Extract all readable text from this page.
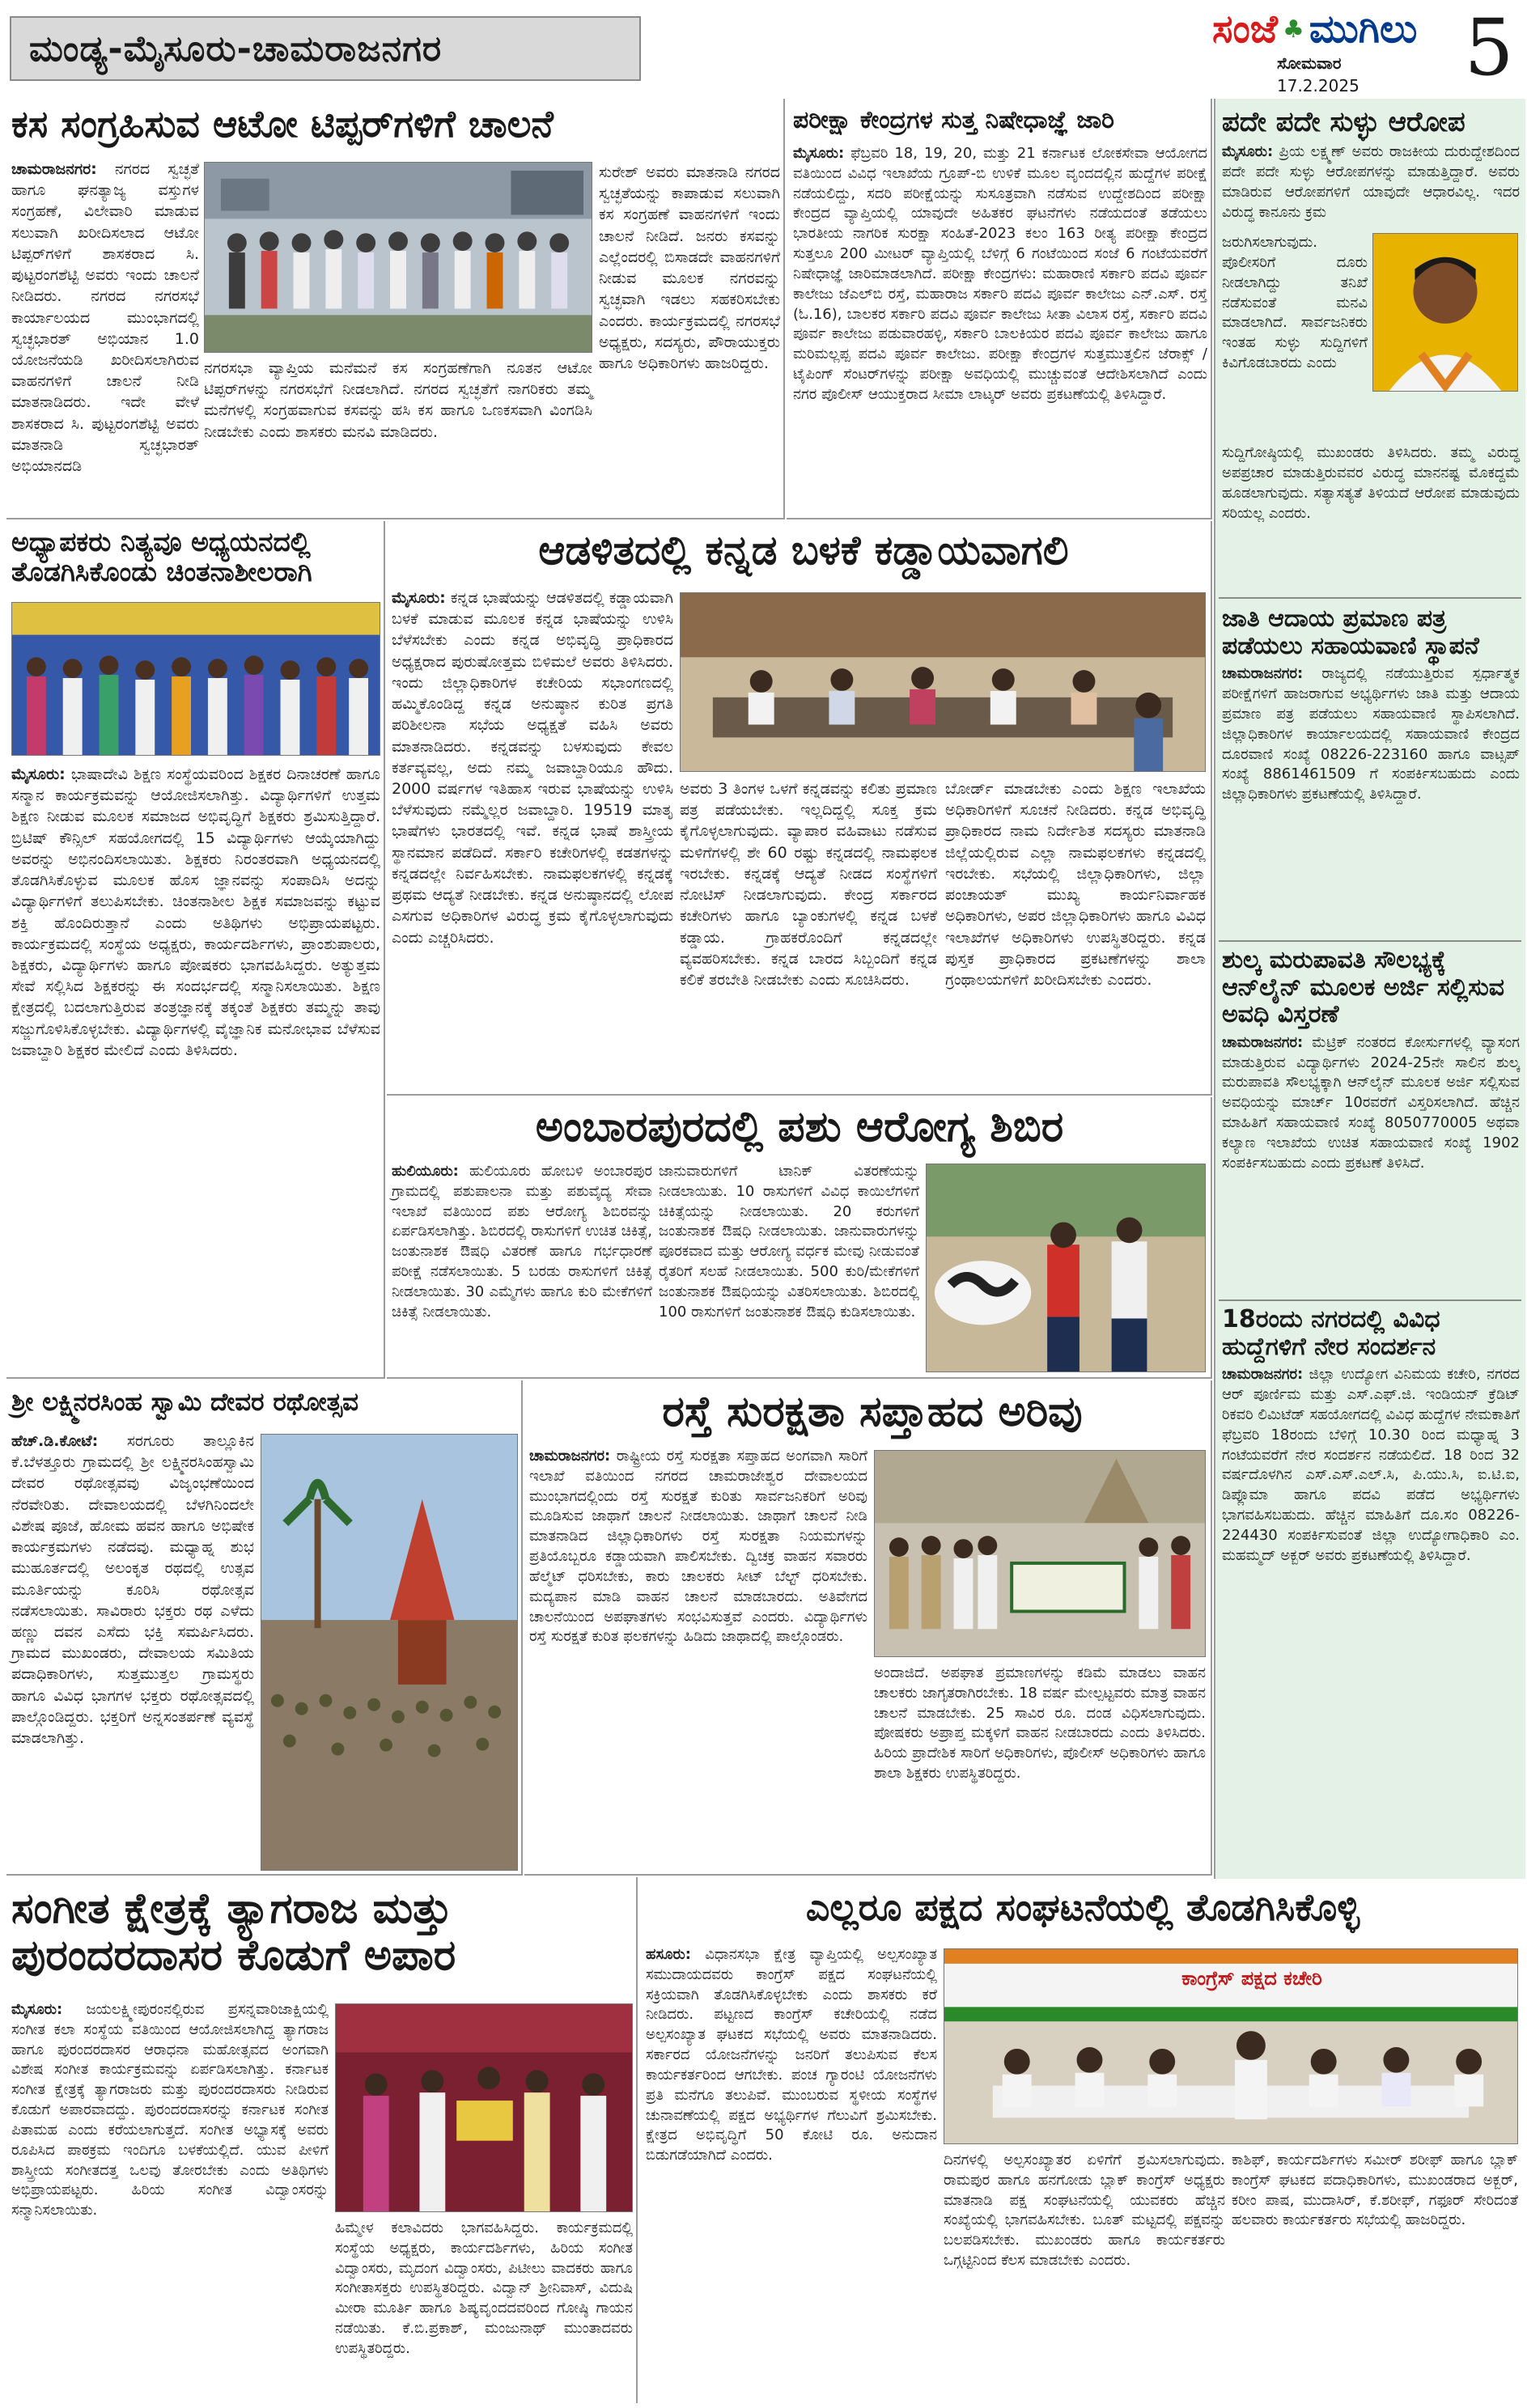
ಮಂಡ್ಯ-ಮೈಸೂರು-ಚಾಮರಾಜನಗರ	ಸಂಜೆ ♣ ಮುಗಿಲು
ಸೋಮವಾರ
17.2.2025 5
ಕಸ ಸಂಗ್ರಹಿಸುವ ಆಟೋ ಟಿಪ್ಪರ್‌ಗಳಿಗೆ ಚಾಲನೆ
ಚಾಮರಾಜನಗರ: ನಗರದ ಸ್ವಚ್ಛತೆ ಹಾಗೂ ಘನತ್ಯಾಜ್ಯ ವಸ್ತುಗಳ ಸಂಗ್ರಹಣೆ, ವಿಲೇವಾರಿ ಮಾಡುವ ಸಲುವಾಗಿ ಖರೀದಿಸಲಾದ ಆಟೋ ಟಿಪ್ಪರ್‌ಗಳಿಗೆ ಶಾಸಕರಾದ ಸಿ. ಪುಟ್ಟರಂಗಶೆಟ್ಟಿ ಅವರು ಇಂದು ಚಾಲನೆ ನೀಡಿದರು. ನಗರದ ನಗರಸಭೆ ಕಾರ್ಯಾಲಯದ ಮುಂಭಾಗದಲ್ಲಿ ಸ್ವಚ್ಛಭಾರತ್ ಅಭಿಯಾನ 1.0 ಯೋಜನೆಯಡಿ ಖರೀದಿಸಲಾಗಿರುವ ವಾಹನಗಳಿಗೆ ಚಾಲನೆ ನೀಡಿ ಮಾತನಾಡಿದರು. ಇದೇ ವೇಳೆ ಶಾಸಕರಾದ ಸಿ. ಪುಟ್ಟರಂಗಶೆಟ್ಟಿ ಅವರು ಮಾತನಾಡಿ ಸ್ವಚ್ಛಭಾರತ್ ಅಭಿಯಾನದಡಿ
ನಗರಸಭಾ ವ್ಯಾಪ್ತಿಯ ಮನೆಮನೆ ಕಸ ಸಂಗ್ರಹಣೆಗಾಗಿ ನೂತನ ಆಟೋ ಟಿಪ್ಪರ್‌ಗಳನ್ನು ನಗರಸಭೆಗೆ ನೀಡಲಾಗಿದೆ. ನಗರದ ಸ್ವಚ್ಛತೆಗೆ ನಾಗರಿಕರು ತಮ್ಮ ಮನೆಗಳಲ್ಲಿ ಸಂಗ್ರಹವಾಗುವ ಕಸವನ್ನು ಹಸಿ ಕಸ ಹಾಗೂ ಒಣಕಸವಾಗಿ ವಿಂಗಡಿಸಿ ನೀಡಬೇಕು ಎಂದು ಶಾಸಕರು ಮನವಿ ಮಾಡಿದರು.
ಸುರೇಶ್ ಅವರು ಮಾತನಾಡಿ ನಗರದ ಸ್ವಚ್ಛತೆಯನ್ನು ಕಾಪಾಡುವ ಸಲುವಾಗಿ ಕಸ ಸಂಗ್ರಹಣೆ ವಾಹನಗಳಿಗೆ ಇಂದು ಚಾಲನೆ ನೀಡಿದೆ. ಜನರು ಕಸವನ್ನು ಎಲ್ಲೆಂದರಲ್ಲಿ ಬಿಸಾಡದೇ ವಾಹನಗಳಿಗೆ ನೀಡುವ ಮೂಲಕ ನಗರವನ್ನು ಸ್ವಚ್ಛವಾಗಿ ಇಡಲು ಸಹಕರಿಸಬೇಕು ಎಂದರು. ಕಾರ್ಯಕ್ರಮದಲ್ಲಿ ನಗರಸಭೆ ಅಧ್ಯಕ್ಷರು, ಸದಸ್ಯರು, ಪೌರಾಯುಕ್ತರು ಹಾಗೂ ಅಧಿಕಾರಿಗಳು ಹಾಜರಿದ್ದರು.
ಪರೀಕ್ಷಾ ಕೇಂದ್ರಗಳ ಸುತ್ತ ನಿಷೇಧಾಜ್ಞೆ ಜಾರಿ
ಮೈಸೂರು: ಫೆಬ್ರವರಿ 18, 19, 20, ಮತ್ತು 21 ಕರ್ನಾಟಕ ಲೋಕಸೇವಾ ಆಯೋಗದ ವತಿಯಿಂದ ವಿವಿಧ ಇಲಾಖೆಯ ಗ್ರೂಪ್-ಬಿ ಉಳಿಕೆ ಮೂಲ ವೃಂದದಲ್ಲಿನ ಹುದ್ದೆಗಳ ಪರೀಕ್ಷೆ ನಡೆಯಲಿದ್ದು, ಸದರಿ ಪರೀಕ್ಷೆಯನ್ನು ಸುಸೂತ್ರವಾಗಿ ನಡೆಸುವ ಉದ್ದೇಶದಿಂದ ಪರೀಕ್ಷಾ ಕೇಂದ್ರದ ವ್ಯಾಪ್ತಿಯಲ್ಲಿ ಯಾವುದೇ ಅಹಿತಕರ ಘಟನೆಗಳು ನಡೆಯದಂತೆ ತಡೆಯಲು ಭಾರತೀಯ ನಾಗರಿಕ ಸುರಕ್ಷಾ ಸಂಹಿತೆ-2023 ಕಲಂ 163 ರೀತ್ಯ ಪರೀಕ್ಷಾ ಕೇಂದ್ರದ ಸುತ್ತಲೂ 200 ಮೀಟರ್ ವ್ಯಾಪ್ತಿಯಲ್ಲಿ ಬೆಳಿಗ್ಗೆ 6 ಗಂಟೆಯಿಂದ ಸಂಜೆ 6 ಗಂಟೆಯವರೆಗೆ ನಿಷೇಧಾಜ್ಞೆ ಜಾರಿಮಾಡಲಾಗಿದೆ. ಪರೀಕ್ಷಾ ಕೇಂದ್ರಗಳು: ಮಹಾರಾಣಿ ಸರ್ಕಾರಿ ಪದವಿ ಪೂರ್ವ ಕಾಲೇಜು ಜೆಎಲ್‌ಬಿ ರಸ್ತೆ, ಮಹಾರಾಜ ಸರ್ಕಾರಿ ಪದವಿ ಪೂರ್ವ ಕಾಲೇಜು ಎನ್.ಎಸ್. ರಸ್ತೆ (ಓ.16), ಬಾಲಕರ ಸರ್ಕಾರಿ ಪದವಿ ಪೂರ್ವ ಕಾಲೇಜು ಸೀತಾ ವಿಲಾಸ ರಸ್ತೆ, ಸರ್ಕಾರಿ ಪದವಿ ಪೂರ್ವ ಕಾಲೇಜು ಪಡುವಾರಹಳ್ಳಿ, ಸರ್ಕಾರಿ ಬಾಲಕಿಯರ ಪದವಿ ಪೂರ್ವ ಕಾಲೇಜು ಹಾಗೂ ಮರಿಮಲ್ಲಪ್ಪ ಪದವಿ ಪೂರ್ವ ಕಾಲೇಜು. ಪರೀಕ್ಷಾ ಕೇಂದ್ರಗಳ ಸುತ್ತಮುತ್ತಲಿನ ಜೆರಾಕ್ಸ್ / ಟೈಪಿಂಗ್ ಸೆಂಟರ್‌ಗಳನ್ನು ಪರೀಕ್ಷಾ ಅವಧಿಯಲ್ಲಿ ಮುಚ್ಚುವಂತೆ ಆದೇಶಿಸಲಾಗಿದೆ ಎಂದು ನಗರ ಪೊಲೀಸ್ ಆಯುಕ್ತರಾದ ಸೀಮಾ ಲಾಟ್ಕರ್ ಅವರು ಪ್ರಕಟಣೆಯಲ್ಲಿ ತಿಳಿಸಿದ್ದಾರೆ.
ಅಧ್ಯಾಪಕರು ನಿತ್ಯವೂ ಅಧ್ಯಯನದಲ್ಲಿ ತೊಡಗಿಸಿಕೊಂಡು ಚಿಂತನಾಶೀಲರಾಗಿ
ಮೈಸೂರು: ಭಾಷಾದೇವಿ ಶಿಕ್ಷಣ ಸಂಸ್ಥೆಯವರಿಂದ ಶಿಕ್ಷಕರ ದಿನಾಚರಣೆ ಹಾಗೂ ಸನ್ಮಾನ ಕಾರ್ಯಕ್ರಮವನ್ನು ಆಯೋಜಿಸಲಾಗಿತ್ತು. ವಿದ್ಯಾರ್ಥಿಗಳಿಗೆ ಉತ್ತಮ ಶಿಕ್ಷಣ ನೀಡುವ ಮೂಲಕ ಸಮಾಜದ ಅಭಿವೃದ್ಧಿಗೆ ಶಿಕ್ಷಕರು ಶ್ರಮಿಸುತ್ತಿದ್ದಾರೆ. ಬ್ರಿಟಿಷ್ ಕೌನ್ಸಿಲ್ ಸಹಯೋಗದಲ್ಲಿ 15 ವಿದ್ಯಾರ್ಥಿಗಳು ಆಯ್ಕೆಯಾಗಿದ್ದು ಅವರನ್ನು ಅಭಿನಂದಿಸಲಾಯಿತು. ಶಿಕ್ಷಕರು ನಿರಂತರವಾಗಿ ಅಧ್ಯಯನದಲ್ಲಿ ತೊಡಗಿಸಿಕೊಳ್ಳುವ ಮೂಲಕ ಹೊಸ ಜ್ಞಾನವನ್ನು ಸಂಪಾದಿಸಿ ಅದನ್ನು ವಿದ್ಯಾರ್ಥಿಗಳಿಗೆ ತಲುಪಿಸಬೇಕು. ಚಿಂತನಾಶೀಲ ಶಿಕ್ಷಕ ಸಮಾಜವನ್ನು ಕಟ್ಟುವ ಶಕ್ತಿ ಹೊಂದಿರುತ್ತಾನೆ ಎಂದು ಅತಿಥಿಗಳು ಅಭಿಪ್ರಾಯಪಟ್ಟರು. ಕಾರ್ಯಕ್ರಮದಲ್ಲಿ ಸಂಸ್ಥೆಯ ಅಧ್ಯಕ್ಷರು, ಕಾರ್ಯದರ್ಶಿಗಳು, ಪ್ರಾಂಶುಪಾಲರು, ಶಿಕ್ಷಕರು, ವಿದ್ಯಾರ್ಥಿಗಳು ಹಾಗೂ ಪೋಷಕರು ಭಾಗವಹಿಸಿದ್ದರು. ಅತ್ಯುತ್ತಮ ಸೇವೆ ಸಲ್ಲಿಸಿದ ಶಿಕ್ಷಕರನ್ನು ಈ ಸಂದರ್ಭದಲ್ಲಿ ಸನ್ಮಾನಿಸಲಾಯಿತು. ಶಿಕ್ಷಣ ಕ್ಷೇತ್ರದಲ್ಲಿ ಬದಲಾಗುತ್ತಿರುವ ತಂತ್ರಜ್ಞಾನಕ್ಕೆ ತಕ್ಕಂತೆ ಶಿಕ್ಷಕರು ತಮ್ಮನ್ನು ತಾವು ಸಜ್ಜುಗೊಳಿಸಿಕೊಳ್ಳಬೇಕು. ವಿದ್ಯಾರ್ಥಿಗಳಲ್ಲಿ ವೈಜ್ಞಾನಿಕ ಮನೋಭಾವ ಬೆಳೆಸುವ ಜವಾಬ್ದಾರಿ ಶಿಕ್ಷಕರ ಮೇಲಿದೆ ಎಂದು ತಿಳಿಸಿದರು.
ಆಡಳಿತದಲ್ಲಿ ಕನ್ನಡ ಬಳಕೆ ಕಡ್ಡಾಯವಾಗಲಿ
ಮೈಸೂರು: ಕನ್ನಡ ಭಾಷೆಯನ್ನು ಆಡಳಿತದಲ್ಲಿ ಕಡ್ಡಾಯವಾಗಿ ಬಳಕೆ ಮಾಡುವ ಮೂಲಕ ಕನ್ನಡ ಭಾಷೆಯನ್ನು ಉಳಿಸಿ ಬೆಳೆಸಬೇಕು ಎಂದು ಕನ್ನಡ ಅಭಿವೃದ್ಧಿ ಪ್ರಾಧಿಕಾರದ ಅಧ್ಯಕ್ಷರಾದ ಪುರುಷೋತ್ತಮ ಬಿಳಿಮಲೆ ಅವರು ತಿಳಿಸಿದರು. ಇಂದು ಜಿಲ್ಲಾಧಿಕಾರಿಗಳ ಕಚೇರಿಯ ಸಭಾಂಗಣದಲ್ಲಿ ಹಮ್ಮಿಕೊಂಡಿದ್ದ ಕನ್ನಡ ಅನುಷ್ಠಾನ ಕುರಿತ ಪ್ರಗತಿ ಪರಿಶೀಲನಾ ಸಭೆಯ ಅಧ್ಯಕ್ಷತೆ ವಹಿಸಿ ಅವರು ಮಾತನಾಡಿದರು. ಕನ್ನಡವನ್ನು ಬಳಸುವುದು ಕೇವಲ ಕರ್ತವ್ಯವಲ್ಲ, ಅದು ನಮ್ಮ ಜವಾಬ್ದಾರಿಯೂ ಹೌದು. 2000 ವರ್ಷಗಳ ಇತಿಹಾಸ ಇರುವ ಭಾಷೆಯನ್ನು ಉಳಿಸಿ ಬೆಳೆಸುವುದು ನಮ್ಮೆಲ್ಲರ ಜವಾಬ್ದಾರಿ. 19519 ಮಾತೃ ಭಾಷೆಗಳು ಭಾರತದಲ್ಲಿ ಇವೆ. ಕನ್ನಡ ಭಾಷೆ ಶಾಸ್ತ್ರೀಯ ಸ್ಥಾನಮಾನ ಪಡೆದಿದೆ. ಸರ್ಕಾರಿ ಕಚೇರಿಗಳಲ್ಲಿ ಕಡತಗಳನ್ನು ಕನ್ನಡದಲ್ಲೇ ನಿರ್ವಹಿಸಬೇಕು. ನಾಮಫಲಕಗಳಲ್ಲಿ ಕನ್ನಡಕ್ಕೆ ಪ್ರಥಮ ಆದ್ಯತೆ ನೀಡಬೇಕು. ಕನ್ನಡ ಅನುಷ್ಠಾನದಲ್ಲಿ ಲೋಪ ಎಸಗುವ ಅಧಿಕಾರಿಗಳ ವಿರುದ್ಧ ಕ್ರಮ ಕೈಗೊಳ್ಳಲಾಗುವುದು ಎಂದು ಎಚ್ಚರಿಸಿದರು.
ಅವರು 3 ತಿಂಗಳ ಒಳಗೆ ಕನ್ನಡವನ್ನು ಕಲಿತು ಪ್ರಮಾಣ ಪತ್ರ ಪಡೆಯಬೇಕು. ಇಲ್ಲದಿದ್ದಲ್ಲಿ ಸೂಕ್ತ ಕ್ರಮ ಕೈಗೊಳ್ಳಲಾಗುವುದು. ವ್ಯಾಪಾರ ವಹಿವಾಟು ನಡೆಸುವ ಮಳಿಗೆಗಳಲ್ಲಿ ಶೇ 60 ರಷ್ಟು ಕನ್ನಡದಲ್ಲಿ ನಾಮಫಲಕ ಇರಬೇಕು. ಕನ್ನಡಕ್ಕೆ ಆದ್ಯತೆ ನೀಡದ ಸಂಸ್ಥೆಗಳಿಗೆ ನೋಟಿಸ್ ನೀಡಲಾಗುವುದು. ಕೇಂದ್ರ ಸರ್ಕಾರದ ಕಚೇರಿಗಳು ಹಾಗೂ ಬ್ಯಾಂಕುಗಳಲ್ಲಿ ಕನ್ನಡ ಬಳಕೆ ಕಡ್ಡಾಯ. ಗ್ರಾಹಕರೊಂದಿಗೆ ಕನ್ನಡದಲ್ಲೇ ವ್ಯವಹರಿಸಬೇಕು. ಕನ್ನಡ ಬಾರದ ಸಿಬ್ಬಂದಿಗೆ ಕನ್ನಡ ಕಲಿಕೆ ತರಬೇತಿ ನೀಡಬೇಕು ಎಂದು ಸೂಚಿಸಿದರು.
ಬೋರ್ಡ್ ಮಾಡಬೇಕು ಎಂದು ಶಿಕ್ಷಣ ಇಲಾಖೆಯ ಅಧಿಕಾರಿಗಳಿಗೆ ಸೂಚನೆ ನೀಡಿದರು. ಕನ್ನಡ ಅಭಿವೃದ್ಧಿ ಪ್ರಾಧಿಕಾರದ ನಾಮ ನಿರ್ದೇಶಿತ ಸದಸ್ಯರು ಮಾತನಾಡಿ ಜಿಲ್ಲೆಯಲ್ಲಿರುವ ಎಲ್ಲಾ ನಾಮಫಲಕಗಳು ಕನ್ನಡದಲ್ಲಿ ಇರಬೇಕು. ಸಭೆಯಲ್ಲಿ ಜಿಲ್ಲಾಧಿಕಾರಿಗಳು, ಜಿಲ್ಲಾ ಪಂಚಾಯತ್ ಮುಖ್ಯ ಕಾರ್ಯನಿರ್ವಾಹಕ ಅಧಿಕಾರಿಗಳು, ಅಪರ ಜಿಲ್ಲಾಧಿಕಾರಿಗಳು ಹಾಗೂ ವಿವಿಧ ಇಲಾಖೆಗಳ ಅಧಿಕಾರಿಗಳು ಉಪಸ್ಥಿತರಿದ್ದರು. ಕನ್ನಡ ಪುಸ್ತಕ ಪ್ರಾಧಿಕಾರದ ಪ್ರಕಟಣೆಗಳನ್ನು ಶಾಲಾ ಗ್ರಂಥಾಲಯಗಳಿಗೆ ಖರೀದಿಸಬೇಕು ಎಂದರು.
ಅಂಬಾರಪುರದಲ್ಲಿ ಪಶು ಆರೋಗ್ಯ ಶಿಬಿರ
ಹುಲಿಯೂರು: ಹುಲಿಯೂರು ಹೋಬಳಿ ಅಂಬಾರಪುರ ಗ್ರಾಮದಲ್ಲಿ ಪಶುಪಾಲನಾ ಮತ್ತು ಪಶುವೈದ್ಯ ಸೇವಾ ಇಲಾಖೆ ವತಿಯಿಂದ ಪಶು ಆರೋಗ್ಯ ಶಿಬಿರವನ್ನು ಏರ್ಪಡಿಸಲಾಗಿತ್ತು. ಶಿಬಿರದಲ್ಲಿ ರಾಸುಗಳಿಗೆ ಉಚಿತ ಚಿಕಿತ್ಸೆ, ಜಂತುನಾಶಕ ಔಷಧಿ ವಿತರಣೆ ಹಾಗೂ ಗರ್ಭಧಾರಣೆ ಪರೀಕ್ಷೆ ನಡೆಸಲಾಯಿತು. 5 ಬರಡು ರಾಸುಗಳಿಗೆ ಚಿಕಿತ್ಸೆ ನೀಡಲಾಯಿತು. 30 ಎಮ್ಮೆಗಳು ಹಾಗೂ ಕುರಿ ಮೇಕೆಗಳಿಗೆ ಚಿಕಿತ್ಸೆ ನೀಡಲಾಯಿತು.
ಜಾನುವಾರುಗಳಿಗೆ ಟಾನಿಕ್ ವಿತರಣೆಯನ್ನು ನೀಡಲಾಯಿತು. 10 ರಾಸುಗಳಿಗೆ ವಿವಿಧ ಕಾಯಿಲೆಗಳಿಗೆ ಚಿಕಿತ್ಸೆಯನ್ನು ನೀಡಲಾಯಿತು. 20 ಕರುಗಳಿಗೆ ಜಂತುನಾಶಕ ಔಷಧಿ ನೀಡಲಾಯಿತು. ಜಾನುವಾರುಗಳನ್ನು ಪೂರಕವಾದ ಮತ್ತು ಆರೋಗ್ಯ ವರ್ಧಕ ಮೇವು ನೀಡುವಂತೆ ರೈತರಿಗೆ ಸಲಹೆ ನೀಡಲಾಯಿತು. 500 ಕುರಿ/ಮೇಕೆಗಳಿಗೆ ಜಂತುನಾಶಕ ಔಷಧಿಯನ್ನು ವಿತರಿಸಲಾಯಿತು. ಶಿಬಿರದಲ್ಲಿ 100 ರಾಸುಗಳಿಗೆ ಜಂತುನಾಶಕ ಔಷಧಿ ಕುಡಿಸಲಾಯಿತು.
ಶ್ರೀ ಲಕ್ಷ್ಮಿನರಸಿಂಹ ಸ್ವಾಮಿ ದೇವರ ರಥೋತ್ಸವ
ಹೆಚ್.ಡಿ.ಕೋಟೆ: ಸರಗೂರು ತಾಲ್ಲೂಕಿನ ಕೆ.ಬೆಳತ್ತೂರು ಗ್ರಾಮದಲ್ಲಿ ಶ್ರೀ ಲಕ್ಷ್ಮಿನರಸಿಂಹಸ್ವಾಮಿ ದೇವರ ರಥೋತ್ಸವವು ವಿಜೃಂಭಣೆಯಿಂದ ನೆರವೇರಿತು. ದೇವಾಲಯದಲ್ಲಿ ಬೆಳಗಿನಿಂದಲೇ ವಿಶೇಷ ಪೂಜೆ, ಹೋಮ ಹವನ ಹಾಗೂ ಅಭಿಷೇಕ ಕಾರ್ಯಕ್ರಮಗಳು ನಡೆದವು. ಮಧ್ಯಾಹ್ನ ಶುಭ ಮುಹೂರ್ತದಲ್ಲಿ ಅಲಂಕೃತ ರಥದಲ್ಲಿ ಉತ್ಸವ ಮೂರ್ತಿಯನ್ನು ಕೂರಿಸಿ ರಥೋತ್ಸವ ನಡೆಸಲಾಯಿತು. ಸಾವಿರಾರು ಭಕ್ತರು ರಥ ಎಳೆದು ಹಣ್ಣು ದವನ ಎಸೆದು ಭಕ್ತಿ ಸಮರ್ಪಿಸಿದರು. ಗ್ರಾಮದ ಮುಖಂಡರು, ದೇವಾಲಯ ಸಮಿತಿಯ ಪದಾಧಿಕಾರಿಗಳು, ಸುತ್ತಮುತ್ತಲ ಗ್ರಾಮಸ್ಥರು ಹಾಗೂ ವಿವಿಧ ಭಾಗಗಳ ಭಕ್ತರು ರಥೋತ್ಸವದಲ್ಲಿ ಪಾಲ್ಗೊಂಡಿದ್ದರು. ಭಕ್ತರಿಗೆ ಅನ್ನಸಂತರ್ಪಣೆ ವ್ಯವಸ್ಥೆ ಮಾಡಲಾಗಿತ್ತು.
ರಸ್ತೆ ಸುರಕ್ಷತಾ ಸಪ್ತಾಹದ ಅರಿವು
ಚಾಮರಾಜನಗರ: ರಾಷ್ಟ್ರೀಯ ರಸ್ತೆ ಸುರಕ್ಷತಾ ಸಪ್ತಾಹದ ಅಂಗವಾಗಿ ಸಾರಿಗೆ ಇಲಾಖೆ ವತಿಯಿಂದ ನಗರದ ಚಾಮರಾಜೇಶ್ವರ ದೇವಾಲಯದ ಮುಂಭಾಗದಲ್ಲಿಂದು ರಸ್ತೆ ಸುರಕ್ಷತೆ ಕುರಿತು ಸಾರ್ವಜನಿಕರಿಗೆ ಅರಿವು ಮೂಡಿಸುವ ಜಾಥಾಗೆ ಚಾಲನೆ ನೀಡಲಾಯಿತು. ಜಾಥಾಗೆ ಚಾಲನೆ ನೀಡಿ ಮಾತನಾಡಿದ ಜಿಲ್ಲಾಧಿಕಾರಿಗಳು ರಸ್ತೆ ಸುರಕ್ಷತಾ ನಿಯಮಗಳನ್ನು ಪ್ರತಿಯೊಬ್ಬರೂ ಕಡ್ಡಾಯವಾಗಿ ಪಾಲಿಸಬೇಕು. ದ್ವಿಚಕ್ರ ವಾಹನ ಸವಾರರು ಹೆಲ್ಮೆಟ್ ಧರಿಸಬೇಕು, ಕಾರು ಚಾಲಕರು ಸೀಟ್ ಬೆಲ್ಟ್ ಧರಿಸಬೇಕು. ಮದ್ಯಪಾನ ಮಾಡಿ ವಾಹನ ಚಾಲನೆ ಮಾಡಬಾರದು. ಅತಿವೇಗದ ಚಾಲನೆಯಿಂದ ಅಪಘಾತಗಳು ಸಂಭವಿಸುತ್ತವೆ ಎಂದರು. ವಿದ್ಯಾರ್ಥಿಗಳು ರಸ್ತೆ ಸುರಕ್ಷತೆ ಕುರಿತ ಫಲಕಗಳನ್ನು ಹಿಡಿದು ಜಾಥಾದಲ್ಲಿ ಪಾಲ್ಗೊಂಡರು.
ಅಂದಾಜಿದೆ. ಅಪಘಾತ ಪ್ರಮಾಣಗಳನ್ನು ಕಡಿಮೆ ಮಾಡಲು ವಾಹನ ಚಾಲಕರು ಜಾಗೃತರಾಗಿರಬೇಕು. 18 ವರ್ಷ ಮೇಲ್ಪಟ್ಟವರು ಮಾತ್ರ ವಾಹನ ಚಾಲನೆ ಮಾಡಬೇಕು. 25 ಸಾವಿರ ರೂ. ದಂಡ ವಿಧಿಸಲಾಗುವುದು. ಪೋಷಕರು ಅಪ್ರಾಪ್ತ ಮಕ್ಕಳಿಗೆ ವಾಹನ ನೀಡಬಾರದು ಎಂದು ತಿಳಿಸಿದರು. ಹಿರಿಯ ಪ್ರಾದೇಶಿಕ ಸಾರಿಗೆ ಅಧಿಕಾರಿಗಳು, ಪೊಲೀಸ್ ಅಧಿಕಾರಿಗಳು ಹಾಗೂ ಶಾಲಾ ಶಿಕ್ಷಕರು ಉಪಸ್ಥಿತರಿದ್ದರು.
ಸಂಗೀತ ಕ್ಷೇತ್ರಕ್ಕೆ ತ್ಯಾಗರಾಜ ಮತ್ತು ಪುರಂದರದಾಸರ ಕೊಡುಗೆ ಅಪಾರ
ಮೈಸೂರು: ಜಯಲಕ್ಷ್ಮೀಪುರಂನಲ್ಲಿರುವ ಪ್ರಸನ್ನವಾರಿಜಾಕ್ಷಿಯಲ್ಲಿ ಸಂಗೀತ ಕಲಾ ಸಂಸ್ಥೆಯ ವತಿಯಿಂದ ಆಯೋಜಿಸಲಾಗಿದ್ದ ತ್ಯಾಗರಾಜ ಹಾಗೂ ಪುರಂದರದಾಸರ ಆರಾಧನಾ ಮಹೋತ್ಸವದ ಅಂಗವಾಗಿ ವಿಶೇಷ ಸಂಗೀತ ಕಾರ್ಯಕ್ರಮವನ್ನು ಏರ್ಪಡಿಸಲಾಗಿತ್ತು. ಕರ್ನಾಟಕ ಸಂಗೀತ ಕ್ಷೇತ್ರಕ್ಕೆ ತ್ಯಾಗರಾಜರು ಮತ್ತು ಪುರಂದರದಾಸರು ನೀಡಿರುವ ಕೊಡುಗೆ ಅಪಾರವಾದದ್ದು. ಪುರಂದರದಾಸರನ್ನು ಕರ್ನಾಟಕ ಸಂಗೀತ ಪಿತಾಮಹ ಎಂದು ಕರೆಯಲಾಗುತ್ತದೆ. ಸಂಗೀತ ಅಭ್ಯಾಸಕ್ಕೆ ಅವರು ರೂಪಿಸಿದ ಪಾಠಕ್ರಮ ಇಂದಿಗೂ ಬಳಕೆಯಲ್ಲಿದೆ. ಯುವ ಪೀಳಿಗೆ ಶಾಸ್ತ್ರೀಯ ಸಂಗೀತದತ್ತ ಒಲವು ತೋರಬೇಕು ಎಂದು ಅತಿಥಿಗಳು ಅಭಿಪ್ರಾಯಪಟ್ಟರು. ಹಿರಿಯ ಸಂಗೀತ ವಿದ್ವಾಂಸರನ್ನು ಸನ್ಮಾನಿಸಲಾಯಿತು.
ಹಿಮ್ಮೇಳ ಕಲಾವಿದರು ಭಾಗವಹಿಸಿದ್ದರು. ಕಾರ್ಯಕ್ರಮದಲ್ಲಿ ಸಂಸ್ಥೆಯ ಅಧ್ಯಕ್ಷರು, ಕಾರ್ಯದರ್ಶಿಗಳು, ಹಿರಿಯ ಸಂಗೀತ ವಿದ್ವಾಂಸರು, ಮೃದಂಗ ವಿದ್ವಾಂಸರು, ಪಿಟೀಲು ವಾದಕರು ಹಾಗೂ ಸಂಗೀತಾಸಕ್ತರು ಉಪಸ್ಥಿತರಿದ್ದರು. ವಿದ್ವಾನ್ ಶ್ರೀನಿವಾಸ್, ವಿದುಷಿ ಮೀರಾ ಮೂರ್ತಿ ಹಾಗೂ ಶಿಷ್ಯವೃಂದದವರಿಂದ ಗೋಷ್ಠಿ ಗಾಯನ ನಡೆಯಿತು. ಕೆ.ಬಿ.ಪ್ರಕಾಶ್, ಮಂಜುನಾಥ್ ಮುಂತಾದವರು ಉಪಸ್ಥಿತರಿದ್ದರು.
ಎಲ್ಲರೂ ಪಕ್ಷದ ಸಂಘಟನೆಯಲ್ಲಿ ತೊಡಗಿಸಿಕೊಳ್ಳಿ
ಹಸೂರು: ವಿಧಾನಸಭಾ ಕ್ಷೇತ್ರ ವ್ಯಾಪ್ತಿಯಲ್ಲಿ ಅಲ್ಪಸಂಖ್ಯಾತ ಸಮುದಾಯದವರು ಕಾಂಗ್ರೆಸ್ ಪಕ್ಷದ ಸಂಘಟನೆಯಲ್ಲಿ ಸಕ್ರಿಯವಾಗಿ ತೊಡಗಿಸಿಕೊಳ್ಳಬೇಕು ಎಂದು ಶಾಸಕರು ಕರೆ ನೀಡಿದರು. ಪಟ್ಟಣದ ಕಾಂಗ್ರೆಸ್ ಕಚೇರಿಯಲ್ಲಿ ನಡೆದ ಅಲ್ಪಸಂಖ್ಯಾತ ಘಟಕದ ಸಭೆಯಲ್ಲಿ ಅವರು ಮಾತನಾಡಿದರು. ಸರ್ಕಾರದ ಯೋಜನೆಗಳನ್ನು ಜನರಿಗೆ ತಲುಪಿಸುವ ಕೆಲಸ ಕಾರ್ಯಕರ್ತರಿಂದ ಆಗಬೇಕು. ಪಂಚ ಗ್ಯಾರಂಟಿ ಯೋಜನೆಗಳು ಪ್ರತಿ ಮನೆಗೂ ತಲುಪಿವೆ. ಮುಂಬರುವ ಸ್ಥಳೀಯ ಸಂಸ್ಥೆಗಳ ಚುನಾವಣೆಯಲ್ಲಿ ಪಕ್ಷದ ಅಭ್ಯರ್ಥಿಗಳ ಗೆಲುವಿಗೆ ಶ್ರಮಿಸಬೇಕು. ಕ್ಷೇತ್ರದ ಅಭಿವೃದ್ಧಿಗೆ 50 ಕೋಟಿ ರೂ. ಅನುದಾನ ಬಿಡುಗಡೆಯಾಗಿದೆ ಎಂದರು.
ಕಾಂಗ್ರೆಸ್ ಪಕ್ಷದ ಕಚೇರಿ
ದಿನಗಳಲ್ಲಿ ಅಲ್ಪಸಂಖ್ಯಾತರ ಏಳಿಗೆಗೆ ಶ್ರಮಿಸಲಾಗುವುದು. ರಾಮಪುರ ಹಾಗೂ ಹನಗೋಡು ಬ್ಲಾಕ್ ಕಾಂಗ್ರೆಸ್ ಅಧ್ಯಕ್ಷರು ಮಾತನಾಡಿ ಪಕ್ಷ ಸಂಘಟನೆಯಲ್ಲಿ ಯುವಕರು ಹೆಚ್ಚಿನ ಸಂಖ್ಯೆಯಲ್ಲಿ ಭಾಗವಹಿಸಬೇಕು. ಬೂತ್ ಮಟ್ಟದಲ್ಲಿ ಪಕ್ಷವನ್ನು ಬಲಪಡಿಸಬೇಕು. ಮುಖಂಡರು ಹಾಗೂ ಕಾರ್ಯಕರ್ತರು ಒಗ್ಗಟ್ಟಿನಿಂದ ಕೆಲಸ ಮಾಡಬೇಕು ಎಂದರು.
ಕಾಶಿಫ್, ಕಾರ್ಯದರ್ಶಿಗಳು ಸಮೀರ್ ಶರೀಫ್ ಹಾಗೂ ಬ್ಲಾಕ್ ಕಾಂಗ್ರೆಸ್ ಘಟಕದ ಪದಾಧಿಕಾರಿಗಳು, ಮುಖಂಡರಾದ ಅಕ್ಬರ್, ಕರೀಂ ಪಾಷ, ಮುದಾಸಿರ್, ಕೆ.ಶರೀಫ್, ಗಫೂರ್ ಸೇರಿದಂತೆ ಹಲವಾರು ಕಾರ್ಯಕರ್ತರು ಸಭೆಯಲ್ಲಿ ಹಾಜರಿದ್ದರು.
ಪದೇ ಪದೇ ಸುಳ್ಳು ಆರೋಪ
ಮೈಸೂರು: ಪ್ರಿಯ ಲಕ್ಷ್ಮಣ್ ಅವರು ರಾಜಕೀಯ ದುರುದ್ದೇಶದಿಂದ ಪದೇ ಪದೇ ಸುಳ್ಳು ಆರೋಪಗಳನ್ನು ಮಾಡುತ್ತಿದ್ದಾರೆ. ಅವರು ಮಾಡಿರುವ ಆರೋಪಗಳಿಗೆ ಯಾವುದೇ ಆಧಾರವಿಲ್ಲ. ಇದರ ವಿರುದ್ಧ ಕಾನೂನು ಕ್ರಮ
ಜರುಗಿಸಲಾಗುವುದು. ಪೊಲೀಸರಿಗೆ ದೂರು ನೀಡಲಾಗಿದ್ದು ತನಿಖೆ ನಡೆಸುವಂತೆ ಮನವಿ ಮಾಡಲಾಗಿದೆ. ಸಾರ್ವಜನಿಕರು ಇಂತಹ ಸುಳ್ಳು ಸುದ್ದಿಗಳಿಗೆ ಕಿವಿಗೊಡಬಾರದು ಎಂದು
ಸುದ್ದಿಗೋಷ್ಠಿಯಲ್ಲಿ ಮುಖಂಡರು ತಿಳಿಸಿದರು. ತಮ್ಮ ವಿರುದ್ಧ ಅಪಪ್ರಚಾರ ಮಾಡುತ್ತಿರುವವರ ವಿರುದ್ಧ ಮಾನನಷ್ಟ ಮೊಕದ್ದಮೆ ಹೂಡಲಾಗುವುದು. ಸತ್ಯಾಸತ್ಯತೆ ತಿಳಿಯದೆ ಆರೋಪ ಮಾಡುವುದು ಸರಿಯಲ್ಲ ಎಂದರು.
ಜಾತಿ ಆದಾಯ ಪ್ರಮಾಣ ಪತ್ರ ಪಡೆಯಲು ಸಹಾಯವಾಣಿ ಸ್ಥಾಪನೆ
ಚಾಮರಾಜನಗರ: ರಾಜ್ಯದಲ್ಲಿ ನಡೆಯುತ್ತಿರುವ ಸ್ಪರ್ಧಾತ್ಮಕ ಪರೀಕ್ಷೆಗಳಿಗೆ ಹಾಜರಾಗುವ ಅಭ್ಯರ್ಥಿಗಳು ಜಾತಿ ಮತ್ತು ಆದಾಯ ಪ್ರಮಾಣ ಪತ್ರ ಪಡೆಯಲು ಸಹಾಯವಾಣಿ ಸ್ಥಾಪಿಸಲಾಗಿದೆ. ಜಿಲ್ಲಾಧಿಕಾರಿಗಳ ಕಾರ್ಯಾಲಯದಲ್ಲಿ ಸಹಾಯವಾಣಿ ಕೇಂದ್ರದ ದೂರವಾಣಿ ಸಂಖ್ಯೆ 08226-223160 ಹಾಗೂ ವಾಟ್ಸಪ್ ಸಂಖ್ಯೆ 8861461509 ಗೆ ಸಂಪರ್ಕಿಸಬಹುದು ಎಂದು ಜಿಲ್ಲಾಧಿಕಾರಿಗಳು ಪ್ರಕಟಣೆಯಲ್ಲಿ ತಿಳಿಸಿದ್ದಾರೆ.
ಶುಲ್ಕ ಮರುಪಾವತಿ ಸೌಲಭ್ಯಕ್ಕೆ ಆನ್‌ಲೈನ್ ಮೂಲಕ ಅರ್ಜಿ ಸಲ್ಲಿಸುವ ಅವಧಿ ವಿಸ್ತರಣೆ
ಚಾಮರಾಜನಗರ: ಮೆಟ್ರಿಕ್ ನಂತರದ ಕೋರ್ಸುಗಳಲ್ಲಿ ವ್ಯಾಸಂಗ ಮಾಡುತ್ತಿರುವ ವಿದ್ಯಾರ್ಥಿಗಳು 2024-25ನೇ ಸಾಲಿನ ಶುಲ್ಕ ಮರುಪಾವತಿ ಸೌಲಭ್ಯಕ್ಕಾಗಿ ಆನ್‌ಲೈನ್ ಮೂಲಕ ಅರ್ಜಿ ಸಲ್ಲಿಸುವ ಅವಧಿಯನ್ನು ಮಾರ್ಚ್ 10ರವರೆಗೆ ವಿಸ್ತರಿಸಲಾಗಿದೆ. ಹೆಚ್ಚಿನ ಮಾಹಿತಿಗೆ ಸಹಾಯವಾಣಿ ಸಂಖ್ಯೆ 8050770005 ಅಥವಾ ಕಲ್ಯಾಣ ಇಲಾಖೆಯ ಉಚಿತ ಸಹಾಯವಾಣಿ ಸಂಖ್ಯೆ 1902 ಸಂಪರ್ಕಿಸಬಹುದು ಎಂದು ಪ್ರಕಟಣೆ ತಿಳಿಸಿದೆ.
18ರಂದು ನಗರದಲ್ಲಿ ವಿವಿಧ ಹುದ್ದೆಗಳಿಗೆ ನೇರ ಸಂದರ್ಶನ
ಚಾಮರಾಜನಗರ: ಜಿಲ್ಲಾ ಉದ್ಯೋಗ ವಿನಿಮಯ ಕಚೇರಿ, ನಗರದ ಆರ್ ಪೂರ್ಣಿಮ ಮತ್ತು ಎಸ್.ಎಫ್.ಜಿ. ಇಂಡಿಯನ್ ಕ್ರೆಡಿಟ್ ರಿಕವರಿ ಲಿಮಿಟೆಡ್ ಸಹಯೋಗದಲ್ಲಿ ವಿವಿಧ ಹುದ್ದೆಗಳ ನೇಮಕಾತಿಗೆ ಫೆಬ್ರವರಿ 18ರಂದು ಬೆಳಿಗ್ಗೆ 10.30 ರಿಂದ ಮಧ್ಯಾಹ್ನ 3 ಗಂಟೆಯವರೆಗೆ ನೇರ ಸಂದರ್ಶನ ನಡೆಯಲಿದೆ. 18 ರಿಂದ 32 ವರ್ಷದೊಳಗಿನ ಎಸ್.ಎಸ್.ಎಲ್.ಸಿ, ಪಿ.ಯು.ಸಿ, ಐ.ಟಿ.ಐ, ಡಿಪ್ಲೊಮಾ ಹಾಗೂ ಪದವಿ ಪಡೆದ ಅಭ್ಯರ್ಥಿಗಳು ಭಾಗವಹಿಸಬಹುದು. ಹೆಚ್ಚಿನ ಮಾಹಿತಿಗೆ ದೂ.ಸಂ 08226-224430 ಸಂಪರ್ಕಿಸುವಂತೆ ಜಿಲ್ಲಾ ಉದ್ಯೋಗಾಧಿಕಾರಿ ಎಂ. ಮಹಮ್ಮದ್ ಅಕ್ಬರ್ ಅವರು ಪ್ರಕಟಣೆಯಲ್ಲಿ ತಿಳಿಸಿದ್ದಾರೆ.
